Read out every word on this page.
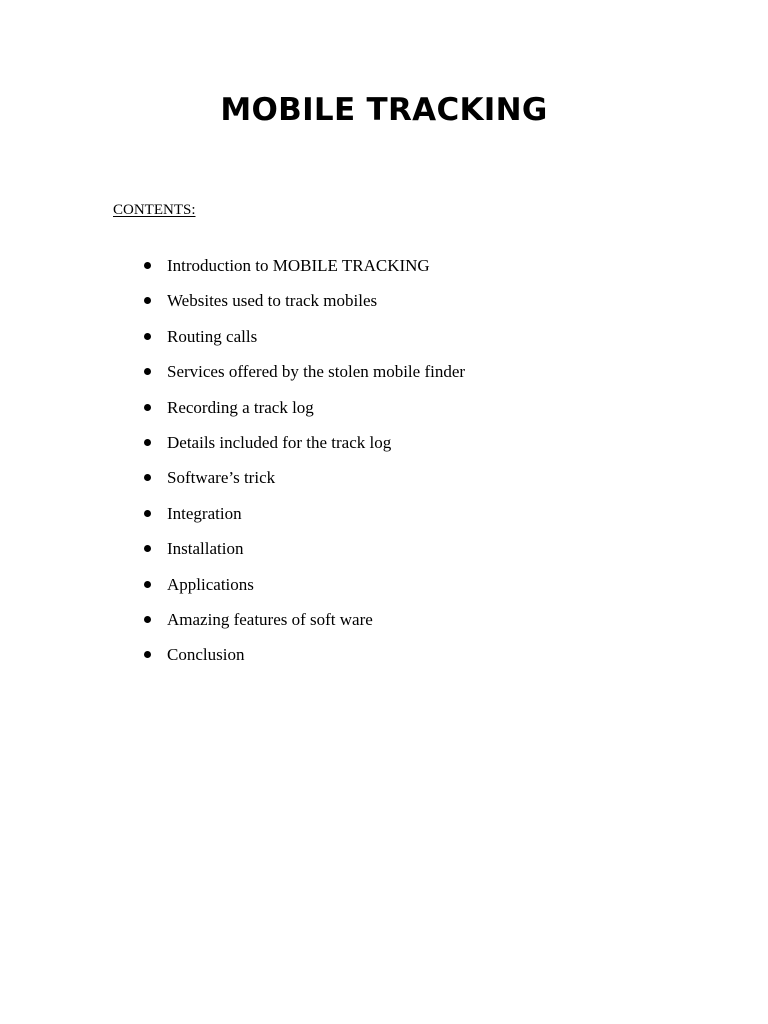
MOBILE TRACKING

CONTENTS:

Introduction to MOBILE TRACKING
Websites used to track mobiles
Routing calls
Services offered by the stolen mobile finder
Recording a track log
Details included for the track log
Software’s trick
Integration
Installation
Applications
Amazing features of soft ware
Conclusion
